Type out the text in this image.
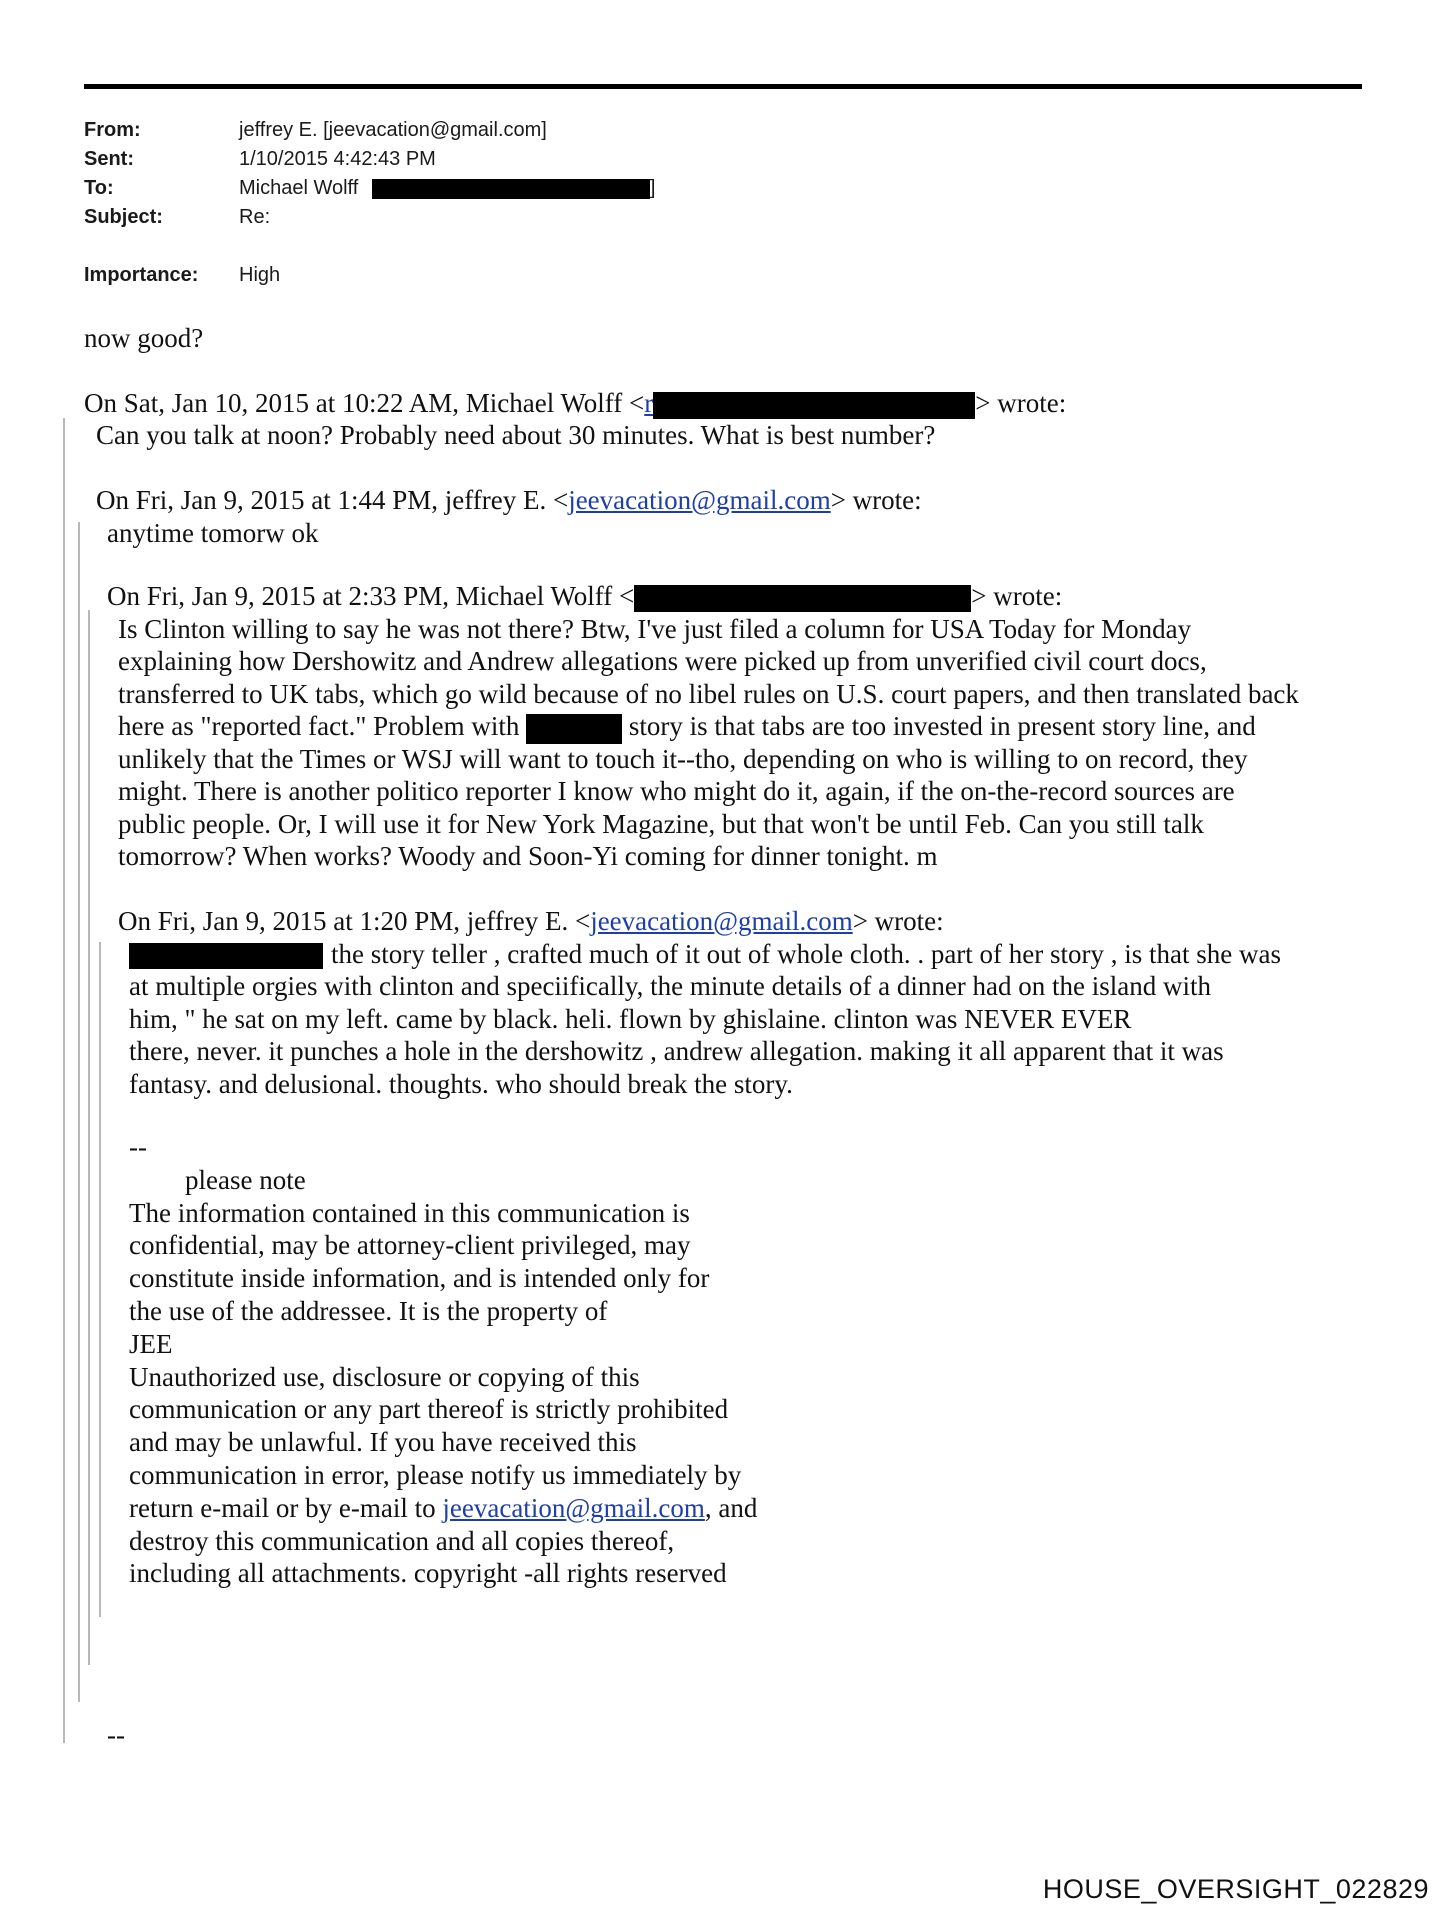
From:	jeffrey E. [jeevacation@gmail.com]
Sent:	1/10/2015 4:42:43 PM
To:	Michael Wolff	]
Subject:	Re:
Importance:	High
now good?
On Sat, Jan 10, 2015 at 10:22 AM, Michael Wolff <r	> wrote:
Can you talk at noon? Probably need about 30 minutes. What is best number?
On Fri, Jan 9, 2015 at 1:44 PM, jeffrey E. <jeevacation@gmail.com> wrote:
anytime tomorw ok
On Fri, Jan 9, 2015 at 2:33 PM, Michael Wolff <	> wrote:
Is Clinton willing to say he was not there? Btw, I've just filed a column for USA Today for Monday
explaining how Dershowitz and Andrew allegations were picked up from unverified civil court docs,
transferred to UK tabs, which go wild because of no libel rules on U.S. court papers, and then translated back
here as "reported fact." Problem with	story is that tabs are too invested in present story line, and
unlikely that the Times or WSJ will want to touch it--tho, depending on who is willing to on record, they
might. There is another politico reporter I know who might do it, again, if the on-the-record sources are
public people. Or, I will use it for New York Magazine, but that won't be until Feb. Can you still talk
tomorrow? When works? Woody and Soon-Yi coming for dinner tonight. m
On Fri, Jan 9, 2015 at 1:20 PM, jeffrey E. <jeevacation@gmail.com> wrote:
the story teller , crafted much of it out of whole cloth. . part of her story , is that she was
at multiple orgies with clinton and speciifically, the minute details of a dinner had on the island with
him, " he sat on my left. came by black. heli. flown by ghislaine. clinton was NEVER EVER
there, never. it punches a hole in the dershowitz , andrew allegation. making it all apparent that it was
fantasy. and delusional. thoughts. who should break the story.
--
please note
The information contained in this communication is
confidential, may be attorney-client privileged, may
constitute inside information, and is intended only for
the use of the addressee. It is the property of
JEE
Unauthorized use, disclosure or copying of this
communication or any part thereof is strictly prohibited
and may be unlawful. If you have received this
communication in error, please notify us immediately by
return e-mail or by e-mail to jeevacation@gmail.com, and
destroy this communication and all copies thereof,
including all attachments. copyright -all rights reserved
--
HOUSE_OVERSIGHT_022829
